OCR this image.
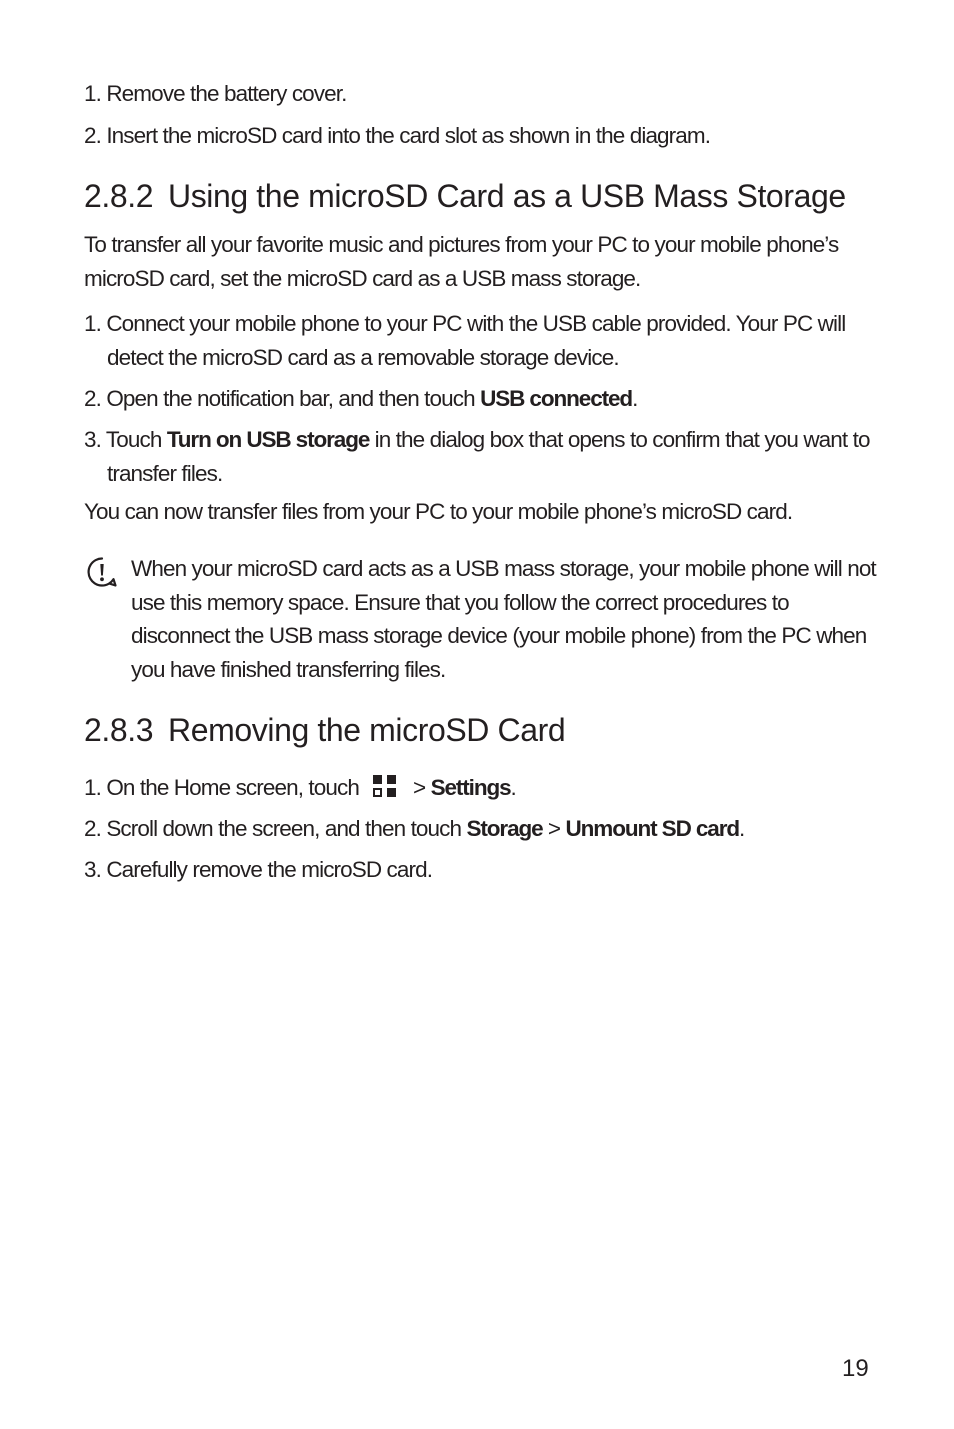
1. Remove the battery cover.
2. Insert the microSD card into the card slot as shown in the diagram.
2.8.2 Using the microSD Card as a USB Mass Storage
To transfer all your favorite music and pictures from your PC to your mobile phone’s microSD card, set the microSD card as a USB mass storage.
1. Connect your mobile phone to your PC with the USB cable provided. Your PC will detect the microSD card as a removable storage device.
2. Open the notification bar, and then touch USB connected.
3. Touch Turn on USB storage in the dialog box that opens to confirm that you want to transfer files.
You can now transfer files from your PC to your mobile phone’s microSD card.
When your microSD card acts as a USB mass storage, your mobile phone will not use this memory space. Ensure that you follow the correct procedures to disconnect the USB mass storage device (your mobile phone) from the PC when you have finished transferring files.
2.8.3 Removing the microSD Card
1. On the Home screen, touch > Settings.
2. Scroll down the screen, and then touch Storage > Unmount SD card.
3. Carefully remove the microSD card.
19
